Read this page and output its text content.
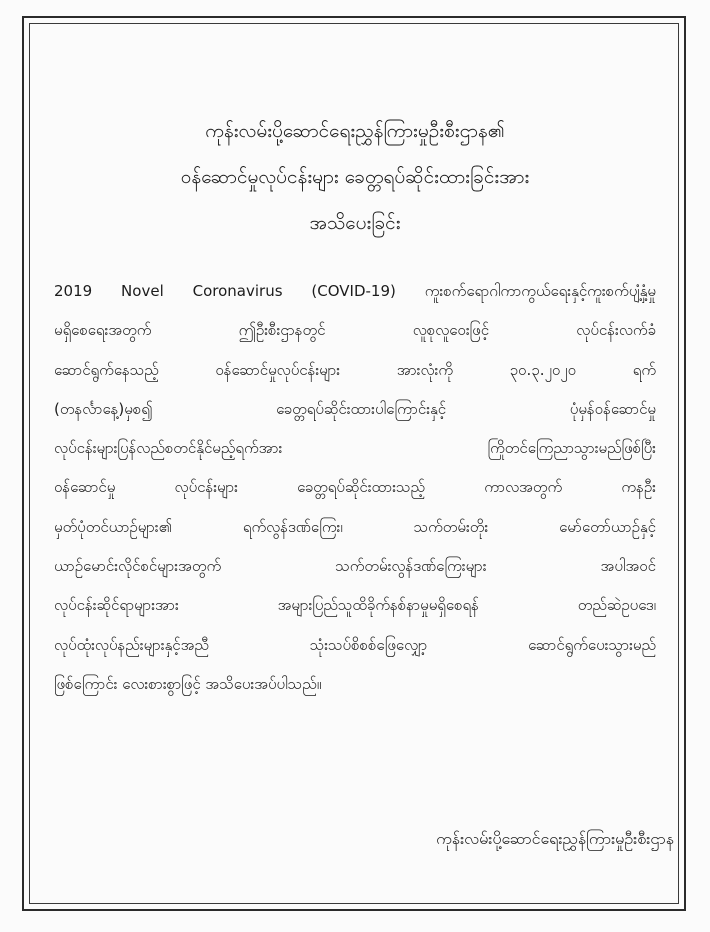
ကုန်းလမ်းပို့ဆောင်ရေးညွှန်ကြားမှုဦးစီးဌာန၏
ဝန်ဆောင်မှုလုပ်ငန်းများ ခေတ္တရပ်ဆိုင်းထားခြင်းအား
အသိပေးခြင်း
2019 Novel Coronavirus (COVID-19) ကူးစက်ရောဂါကာကွယ်ရေးနှင့်ကူးစက်ပျံ့နှံ့မှု
မရှိစေရေးအတွက် ဤဦးစီးဌာနတွင် လူစုလူဝေးဖြင့် လုပ်ငန်းလက်ခံ
ဆောင်ရွက်နေသည့် ဝန်ဆောင်မှုလုပ်ငန်းများ အားလုံးကို ၃၀.၃.၂၀၂၀ ရက်
(တနင်္လာနေ့)မှစ၍ ခေတ္တရပ်ဆိုင်းထားပါကြောင်းနှင့် ပုံမှန်ဝန်ဆောင်မှု
လုပ်ငန်းများပြန်လည်စတင်နိုင်မည့်ရက်အား ကြိုတင်ကြေညာသွားမည်ဖြစ်ပြီး
ဝန်ဆောင်မှု လုပ်ငန်းများ ခေတ္တရပ်ဆိုင်းထားသည့် ကာလအတွက် ကနဦး
မှတ်ပုံတင်ယာဉ်များ၏ ရက်လွန်ဒဏ်ကြေး၊ သက်တမ်းတိုး မော်တော်ယာဉ်နှင့်
ယာဉ်မောင်းလိုင်စင်များအတွက် သက်တမ်းလွန်ဒဏ်ကြေးများ အပါအဝင်
လုပ်ငန်းဆိုင်ရာများအား အများပြည်သူထိခိုက်နစ်နာမှုမရှိစေရန် တည်ဆဲဥပဒေ၊
လုပ်ထုံးလုပ်နည်းများနှင့်အညီ သုံးသပ်စိစစ်ဖြေလျှော့ ဆောင်ရွက်ပေးသွားမည်
ဖြစ်ကြောင်း လေးစားစွာဖြင့် အသိပေးအပ်ပါသည်။
ကုန်းလမ်းပို့ဆောင်ရေးညွှန်ကြားမှုဦးစီးဌာန
